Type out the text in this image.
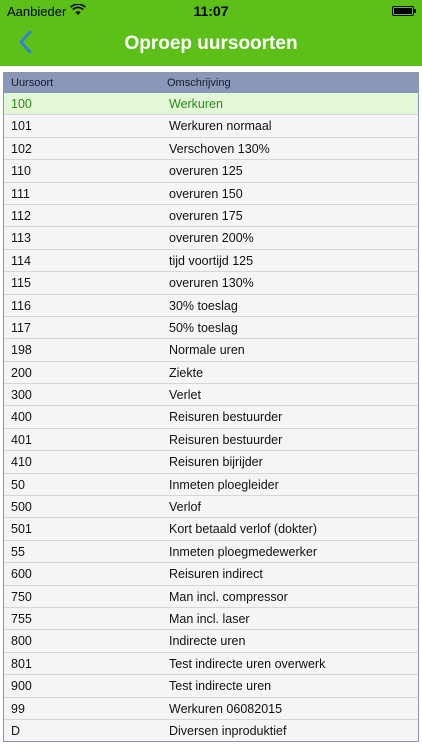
Aanbieder	11:07
Oproep uursoorten
Uursoort	Omschrijving
100	Werkuren
101	Werkuren normaal
102	Verschoven 130%
110	overuren 125
111	overuren 150
112	overuren 175
113	overuren 200%
114	tijd voortijd 125
115	overuren 130%
116	30% toeslag
117	50% toeslag
198	Normale uren
200	Ziekte
300	Verlet
400	Reisuren bestuurder
401	Reisuren bestuurder
410	Reisuren bijrijder
50	Inmeten ploegleider
500	Verlof
501	Kort betaald verlof (dokter)
55	Inmeten ploegmedewerker
600	Reisuren indirect
750	Man incl. compressor
755	Man incl. laser
800	Indirecte uren
801	Test indirecte uren overwerk
900	Test indirecte uren
99	Werkuren 06082015
D	Diversen inproduktief
